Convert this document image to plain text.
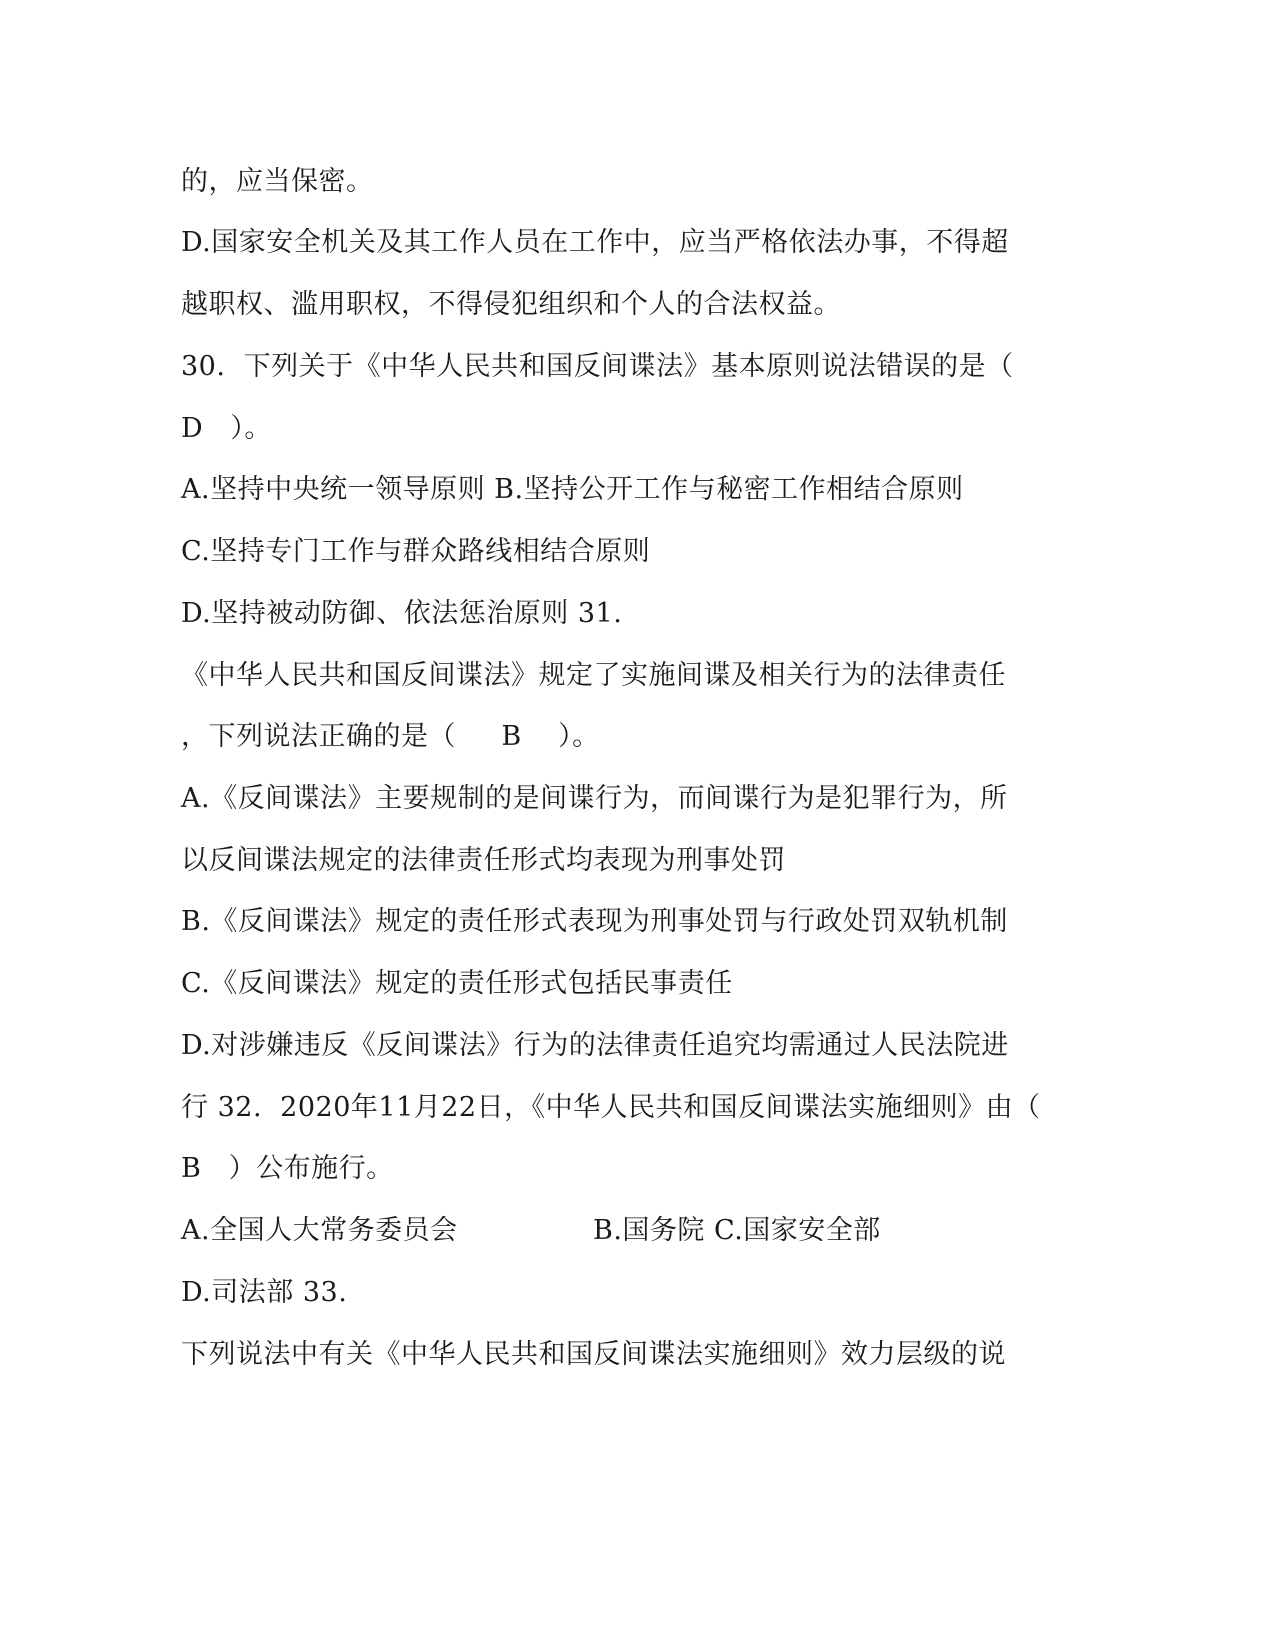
的，应当保密。
D.国家安全机关及其工作人员在工作中，应当严格依法办事，不得超
越职权、滥用职权，不得侵犯组织和个人的合法权益。
30.  下列关于《中华人民共和国反间谍法》基本原则说法错误的是（
D   ）。
A.坚持中央统一领导原则 B.坚持公开工作与秘密工作相结合原则
C.坚持专门工作与群众路线相结合原则
D.坚持被动防御、依法惩治原则 31.
《中华人民共和国反间谍法》规定了实施间谍及相关行为的法律责任
，下列说法正确的是（     B    ）。
A.《反间谍法》主要规制的是间谍行为，而间谍行为是犯罪行为，所
以反间谍法规定的法律责任形式均表现为刑事处罚
B.《反间谍法》规定的责任形式表现为刑事处罚与行政处罚双轨机制
C.《反间谍法》规定的责任形式包括民事责任
D.对涉嫌违反《反间谍法》行为的法律责任追究均需通过人民法院进
行 32.  2020年11月22日，《中华人民共和国反间谍法实施细则》由（
B   ）公布施行。

A.全国人大常务委员会

	B.国务院 C.国家安全部

D.司法部 33.
下列说法中有关《中华人民共和国反间谍法实施细则》效力层级的说
